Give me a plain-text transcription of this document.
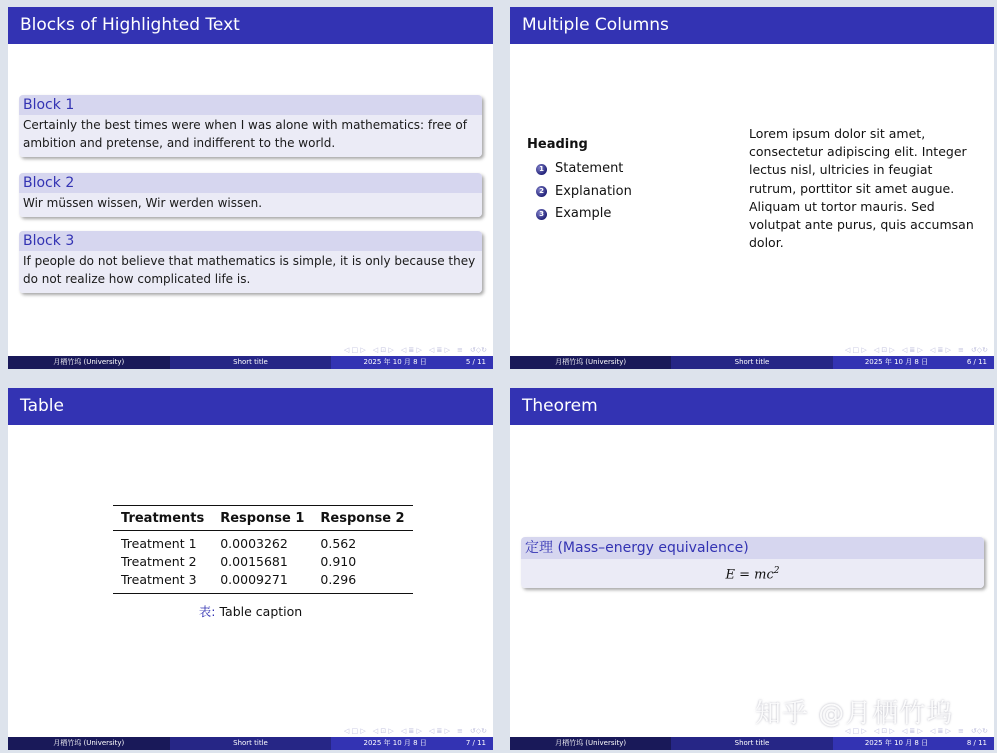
Blocks of Highlighted Text
Block 1
Certainly the best times were when I was alone with mathematics: free of ambition and pretense, and indifferent to the world.
Block 2
Wir müssen wissen, Wir werden wissen.
Block 3
If people do not believe that mathematics is simple, it is only because they do not realize how complicated life is.
◁ □ ▷ ◁ ⊡ ▷ ◁ ≣ ▷ ◁ ≣ ▷ ≡ ↺◇↻
月栖竹坞 (University)	Short title	2025 年 10 月 8 日	5 / 11
Multiple Columns
Heading
1 Statement
2 Explanation
3 Example
Lorem ipsum dolor sit amet, consectetur adipiscing elit. Integer lectus nisl, ultricies in feugiat rutrum, porttitor sit amet augue. Aliquam ut tortor mauris. Sed volutpat ante purus, quis accumsan dolor.
◁ □ ▷ ◁ ⊡ ▷ ◁ ≣ ▷ ◁ ≣ ▷ ≡ ↺◇↻
月栖竹坞 (University)	Short title	2025 年 10 月 8 日	6 / 11
Table
Treatments	Response 1	Response 2
Treatment 1	0.0003262	0.562
Treatment 2	0.0015681	0.910
Treatment 3	0.0009271	0.296
表: Table caption
◁ □ ▷ ◁ ⊡ ▷ ◁ ≣ ▷ ◁ ≣ ▷ ≡ ↺◇↻
月栖竹坞 (University)	Short title	2025 年 10 月 8 日	7 / 11
Theorem
定理 (Mass–energy equivalence)
$E = mc^2$
◁ □ ▷ ◁ ⊡ ▷ ◁ ≣ ▷ ◁ ≣ ▷ ≡ ↺◇↻
月栖竹坞 (University)	Short title	2025 年 10 月 8 日	8 / 11
知乎 @月栖竹坞
